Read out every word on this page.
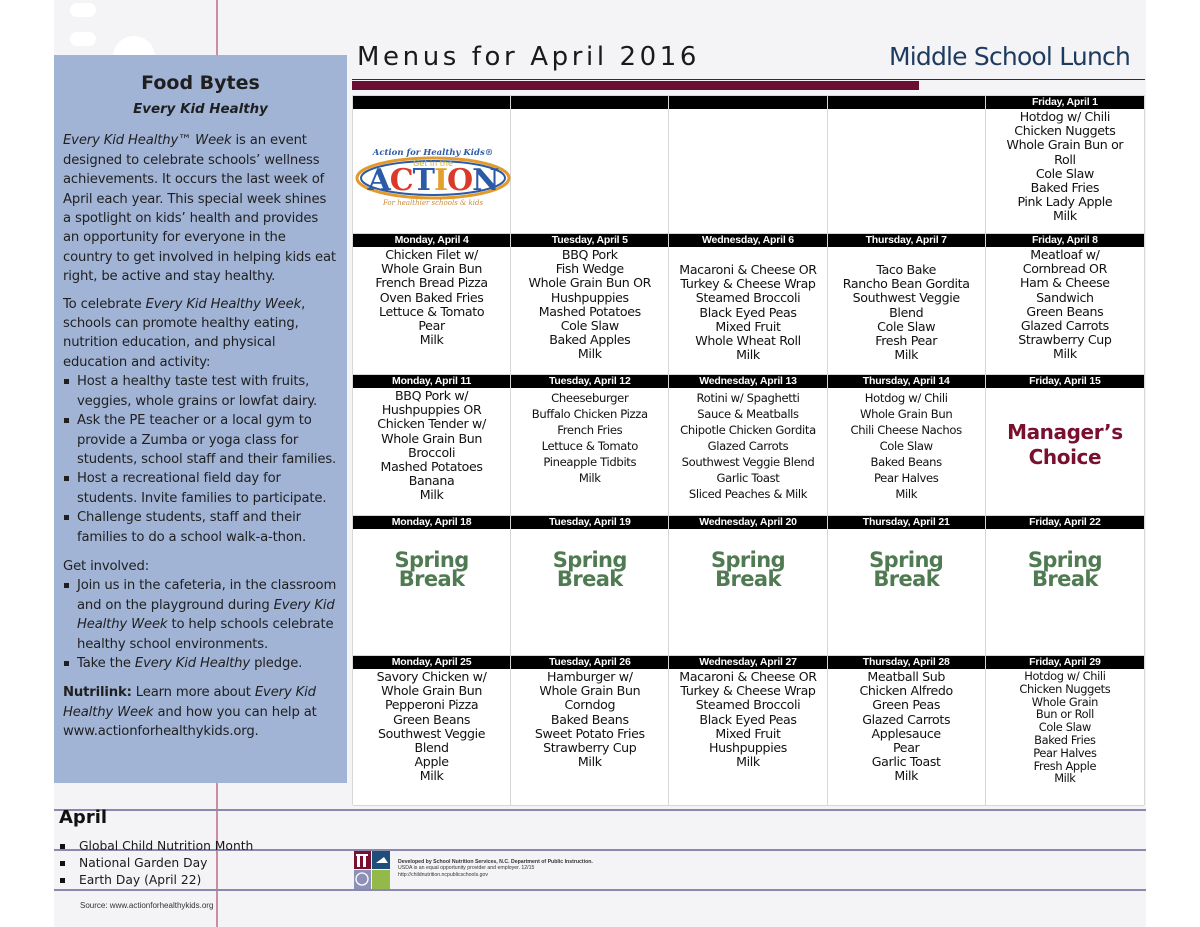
Food Bytes
Every Kid Healthy

Every Kid Healthy™ Week is an event designed to celebrate schools’ wellness achievements. It occurs the last week of April each year. This special week shines a spotlight on kids’ health and provides an opportunity for everyone in the country to get involved in helping kids eat right, be active and stay healthy.

To celebrate Every Kid Healthy Week, schools can promote healthy eating, nutrition education, and physical education and activity:

Host a healthy taste test with fruits, veggies, whole grains or lowfat dairy.
Ask the PE teacher or a local gym to provide a Zumba or yoga class for students, school staff and their families.
Host a recreational field day for students. Invite families to participate.
Challenge students, staff and their families to do a school walk-a-thon.

Get involved:

Join us in the cafeteria, in the classroom and on the playground during Every Kid Healthy Week to help schools celebrate healthy school environments.
Take the Every Kid Healthy pledge.

Nutrilink: Learn more about Every Kid Healthy Week and how you can help at www.actionforhealthykids.org.

Menus for April 2016	Middle School Lunch
Action for Healthy Kids®
Get in the
ACTION
For healthier schools & kids
Friday, April 1
Hotdog w/ Chili
Chicken Nuggets
Whole Grain Bun or
Roll
Cole Slaw
Baked Fries
Pink Lady Apple
Milk
Monday, April 4
Chicken Filet w/
Whole Grain Bun
French Bread Pizza
Oven Baked Fries
Lettuce & Tomato
Pear
Milk
Tuesday, April 5
BBQ Pork
Fish Wedge
Whole Grain Bun OR
Hushpuppies
Mashed Potatoes
Cole Slaw
Baked Apples
Milk
Wednesday, April 6
Macaroni & Cheese OR
Turkey & Cheese Wrap
Steamed Broccoli
Black Eyed Peas
Mixed Fruit
Whole Wheat Roll
Milk
Thursday, April 7
Taco Bake
Rancho Bean Gordita
Southwest Veggie
Blend
Cole Slaw
Fresh Pear
Milk
Friday, April 8
Meatloaf w/
Cornbread OR
Ham & Cheese
Sandwich
Green Beans
Glazed Carrots
Strawberry Cup
Milk
Monday, April 11
BBQ Pork w/
Hushpuppies OR
Chicken Tender w/
Whole Grain Bun
Broccoli
Mashed Potatoes
Banana
Milk
Tuesday, April 12
Cheeseburger
Buffalo Chicken Pizza
French Fries
Lettuce & Tomato
Pineapple Tidbits
Milk
Wednesday, April 13
Rotini w/ Spaghetti
Sauce & Meatballs
Chipotle Chicken Gordita
Glazed Carrots
Southwest Veggie Blend
Garlic Toast
Sliced Peaches & Milk
Thursday, April 14
Hotdog w/ Chili
Whole Grain Bun
Chili Cheese Nachos
Cole Slaw
Baked Beans
Pear Halves
Milk
Friday, April 15
Manager’s
Choice
Monday, April 18
Spring
Break
Tuesday, April 19
Spring
Break
Wednesday, April 20
Spring
Break
Thursday, April 21
Spring
Break
Friday, April 22
Spring
Break
Monday, April 25
Savory Chicken w/
Whole Grain Bun
Pepperoni Pizza
Green Beans
Southwest Veggie
Blend
Apple
Milk
Tuesday, April 26
Hamburger w/
Whole Grain Bun
Corndog
Baked Beans
Sweet Potato Fries
Strawberry Cup
Milk
Wednesday, April 27
Macaroni & Cheese OR
Turkey & Cheese Wrap
Steamed Broccoli
Black Eyed Peas
Mixed Fruit
Hushpuppies
Milk
Thursday, April 28
Meatball Sub
Chicken Alfredo
Green Peas
Glazed Carrots
Applesauce
Pear
Garlic Toast
Milk
Friday, April 29
Hotdog w/ Chili
Chicken Nuggets
Whole Grain
Bun or Roll
Cole Slaw
Baked Fries
Pear Halves
Fresh Apple
Milk
April
Global Child Nutrition Month
National Garden Day
Earth Day (April 22)
Source: www.actionforhealthykids.org
Developed by School Nutrition Services, N.C. Department of Public Instruction.
USDA is an equal opportunity provider and employer. 12/15
http://childnutrition.ncpublicschools.gov
